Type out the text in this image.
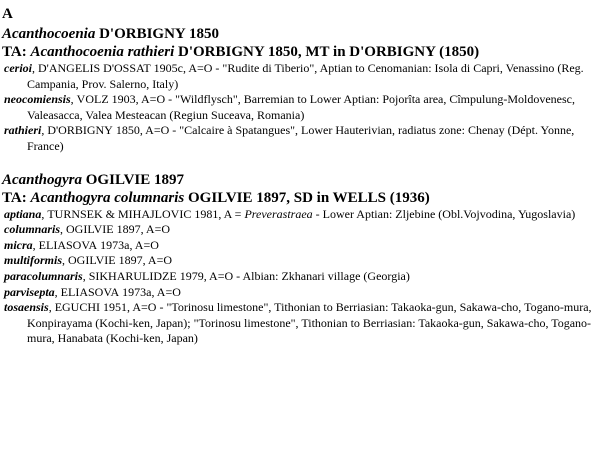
A
Acanthocoenia D'ORBIGNY 1850
TA: Acanthocoenia rathieri D'ORBIGNY 1850, MT in D'ORBIGNY (1850)
cerioi, D'ANGELIS D'OSSAT 1905c, A=O - "Rudite di Tiberio", Aptian to Cenomanian: Isola di Capri, Venassino (Reg. Campania, Prov. Salerno, Italy)
neocomiensis, VOLZ 1903, A=O - "Wildflysch", Barremian to Lower Aptian: Pojorîta area, Cîmpulung-Moldovenesc, Valeasacca, Valea Mesteacan (Regiun Suceava, Romania)
rathieri, D'ORBIGNY 1850, A=O - "Calcaire à Spatangues", Lower Hauterivian, radiatus zone: Chenay (Dépt. Yonne, France)
Acanthogyra OGILVIE 1897
TA: Acanthogyra columnaris OGILVIE 1897, SD in WELLS (1936)
aptiana, TURNSEK & MIHAJLOVIC 1981, A = Preverastraea - Lower Aptian: Zljebine (Obl.Vojvodina, Yugoslavia)
columnaris, OGILVIE 1897, A=O
micra, ELIASOVA 1973a, A=O
multiformis, OGILVIE 1897, A=O
paracolumnaris, SIKHARULIDZE 1979, A=O - Albian: Zkhanari village (Georgia)
parvisepta, ELIASOVA 1973a, A=O
tosaensis, EGUCHI 1951, A=O - "Torinosu limestone", Tithonian to Berriasian: Takaoka-gun, Sakawa-cho, Togano-mura, Konpirayama (Kochi-ken, Japan); "Torinosu limestone", Tithonian to Berriasian: Takaoka-gun, Sakawa-cho, Togano-mura, Hanabata (Kochi-ken, Japan)
